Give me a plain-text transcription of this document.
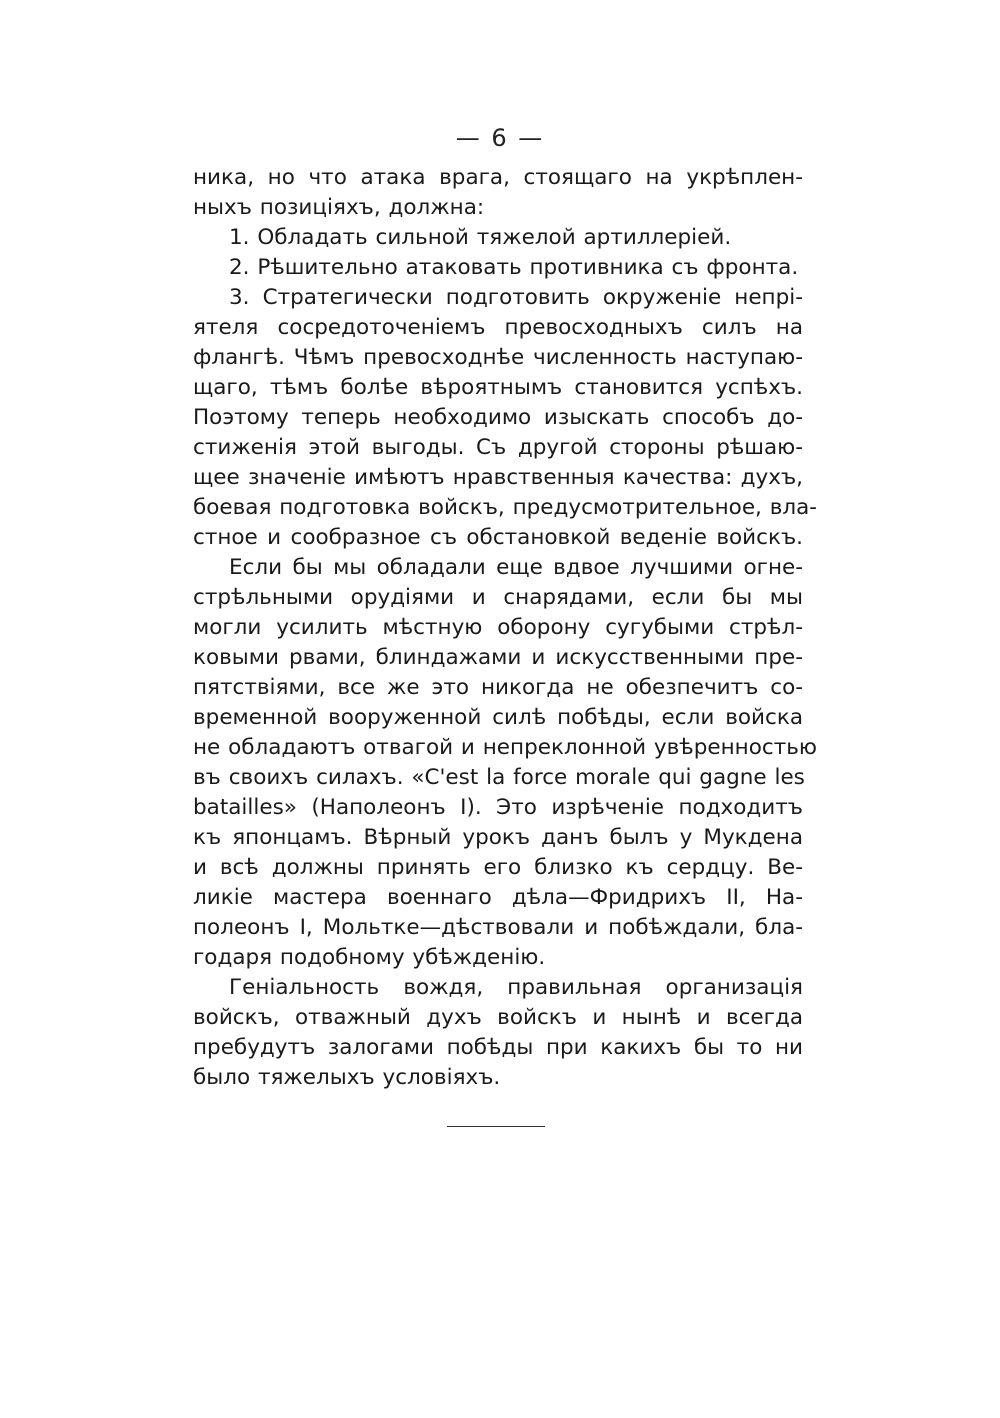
— 6 —
ника, но что атака врага, стоящаго на укрѣплен-
ныхъ позиціяхъ, должна:
1. Обладать сильной тяжелой артиллеріей.
2. Рѣшительно атаковать противника съ фронта.
3. Стратегически подготовить окруженіе непрі-
ятеля сосредоточеніемъ превосходныхъ силъ на
флангѣ. Чѣмъ превосходнѣе численность наступаю-
щаго, тѣмъ болѣе вѣроятнымъ становится успѣхъ.
Поэтому теперь необходимо изыскать способъ до-
стиженія этой выгоды. Съ другой стороны рѣшаю-
щее значеніе имѣютъ нравственныя качества: духъ,
боевая подготовка войскъ, предусмотрительное, вла-
стное и сообразное съ обстановкой веденіе войскъ.
Если бы мы обладали еще вдвое лучшими огне-
стрѣльными орудіями и снарядами, если бы мы
могли усилить мѣстную оборону сугубыми стрѣл-
ковыми рвами, блиндажами и искусственными пре-
пятствіями, все же это никогда не обезпечитъ со-
временной вооруженной силѣ побѣды, если войска
не обладаютъ отвагой и непреклонной увѣренностью
въ своихъ силахъ. «C'est la force morale qui gagne les
batailles» (Наполеонъ I). Это изрѣченіе подходитъ
къ японцамъ. Вѣрный урокъ данъ былъ у Мукдена
и всѣ должны принять его близко къ сердцу. Ве-
ликіе мастера военнаго дѣла—Фридрихъ II, На-
полеонъ I, Мольтке—дѣствовали и побѣждали, бла-
годаря подобному убѣжденію.
Геніальность вождя, правильная организація
войскъ, отважный духъ войскъ и нынѣ и всегда
пребудутъ залогами побѣды при какихъ бы то ни
было тяжелыхъ условіяхъ.
